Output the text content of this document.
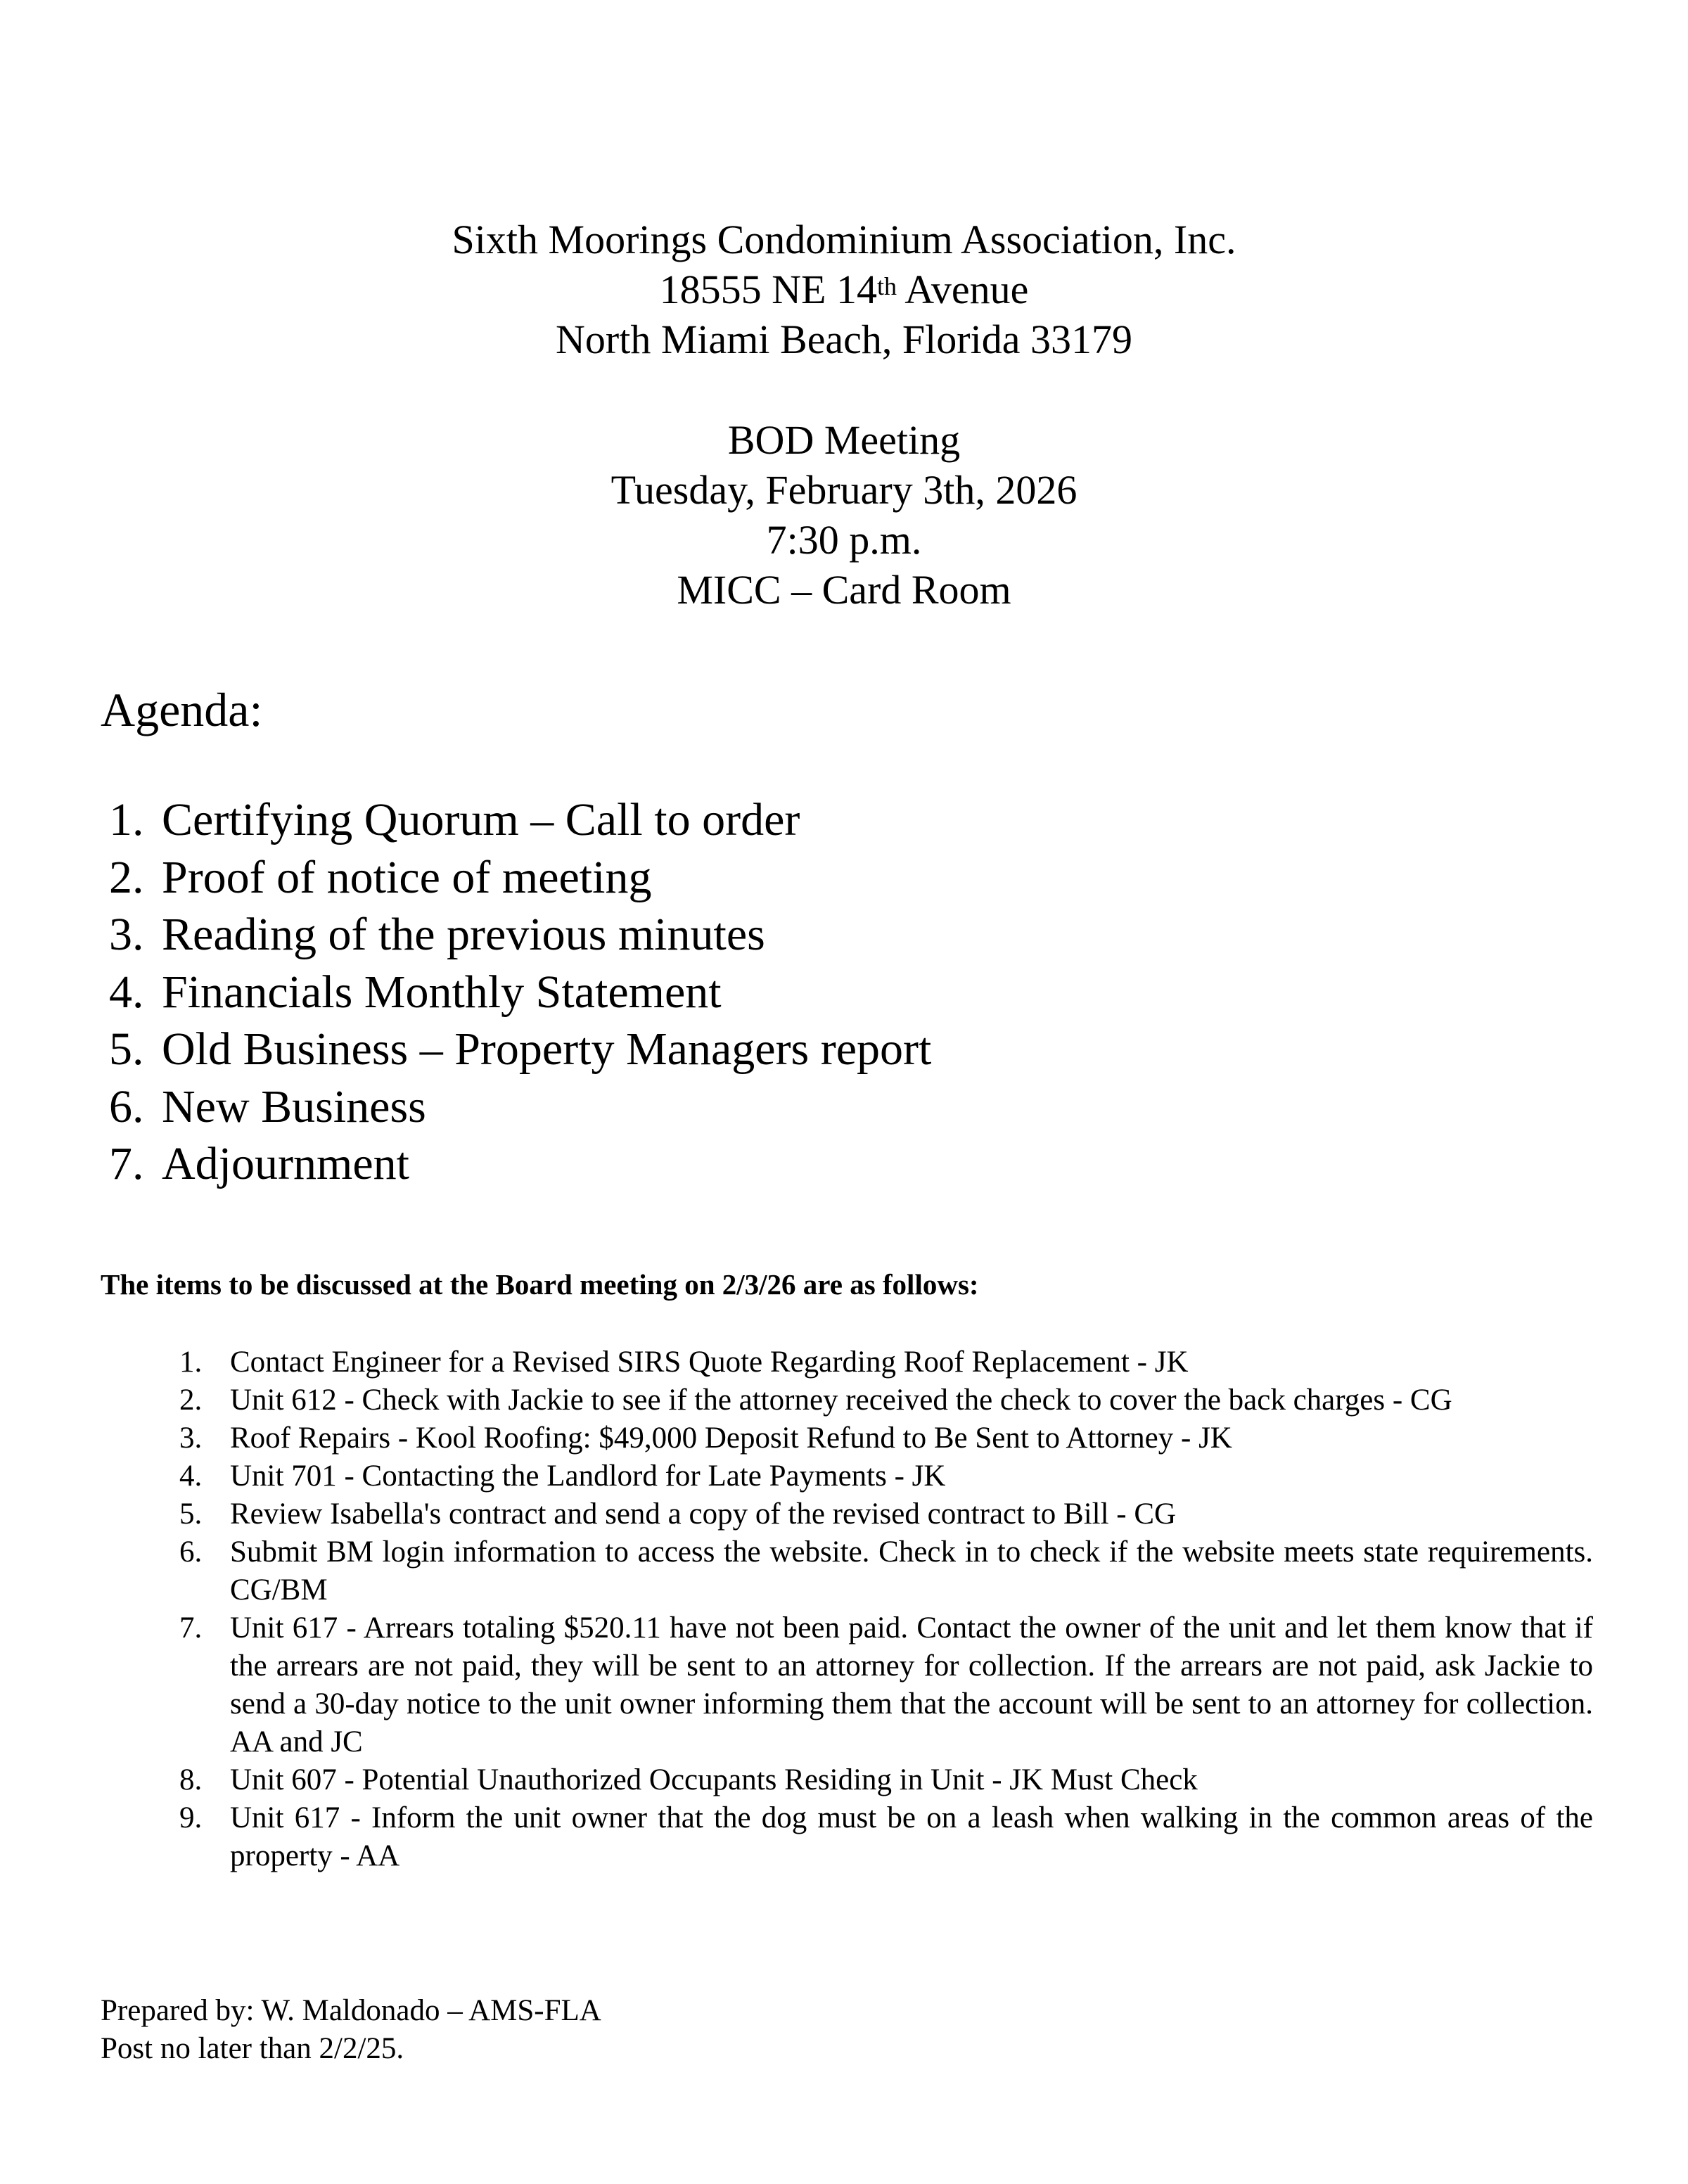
Sixth Moorings Condominium Association, Inc.
18555 NE 14th Avenue
North Miami Beach, Florida 33179
BOD Meeting
Tuesday, February 3th, 2026
7:30 p.m.
MICC – Card Room
Agenda:
1. Certifying Quorum – Call to order
2. Proof of notice of meeting
3. Reading of the previous minutes
4. Financials Monthly Statement
5. Old Business – Property Managers report
6. New Business
7. Adjournment
The items to be discussed at the Board meeting on 2/3/26 are as follows:
1. Contact Engineer for a Revised SIRS Quote Regarding Roof Replacement - JK
2. Unit 612 - Check with Jackie to see if the attorney received the check to cover the back charges - CG
3. Roof Repairs - Kool Roofing: $49,000 Deposit Refund to Be Sent to Attorney - JK
4. Unit 701 - Contacting the Landlord for Late Payments - JK
5. Review Isabella's contract and send a copy of the revised contract to Bill - CG
6. Submit BM login information to access the website. Check in to check if the website meets state requirements. CG/BM
7. Unit 617 - Arrears totaling $520.11 have not been paid. Contact the owner of the unit and let them know that if the arrears are not paid, they will be sent to an attorney for collection. If the arrears are not paid, ask Jackie to send a 30-day notice to the unit owner informing them that the account will be sent to an attorney for collection. AA and JC
8. Unit 607 - Potential Unauthorized Occupants Residing in Unit - JK Must Check
9. Unit 617 - Inform the unit owner that the dog must be on a leash when walking in the common areas of the property - AA
Prepared by: W. Maldonado – AMS-FLA
Post no later than 2/2/25.
